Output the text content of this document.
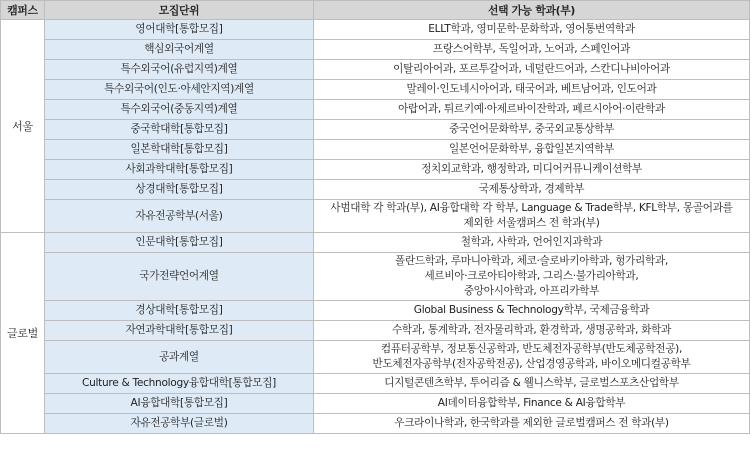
캠퍼스	모집단위	선택 가능 학과(부)
서울	영어대학[통합모집]	ELLT학과, 영미문학·문화학과, 영어통번역학과
	핵심외국어계열	프랑스어학부, 독일어과, 노어과, 스페인어과
	특수외국어(유럽지역)계열	이탈리아어과, 포르투갈어과, 네덜란드어과, 스칸디나비아어과
	특수외국어(인도·아세안지역)계열	말레이·인도네시아어과, 태국어과, 베트남어과, 인도어과
	특수외국어(중동지역)계열	아랍어과, 튀르키예·아제르바이잔학과, 페르시아어·이란학과
	중국학대학[통합모집]	중국언어문화학부, 중국외교통상학부
	일본학대학[통합모집]	일본언어문화학부, 융합일본지역학부
	사회과학대학[통합모집]	정치외교학과, 행정학과, 미디어커뮤니케이션학부
	상경대학[통합모집]	국제통상학과, 경제학부
	자유전공학부(서울)	사범대학 각 학과(부), AI융합대학 각 학부, Language & Trade학부, KFL학부, 몽골어과를
제외한 서울캠퍼스 전 학과(부)
글로벌	인문대학[통합모집]	철학과, 사학과, 언어인지과학과
	국가전략언어계열	폴란드학과, 루마니아학과, 체코·슬로바키아학과, 헝가리학과,
세르비아·크로아티아학과, 그리스·불가리아학과,
중앙아시아학과, 아프리카학부
	경상대학[통합모집]	Global Business & Technology학부, 국제금융학과
	자연과학대학[통합모집]	수학과, 통계학과, 전자물리학과, 환경학과, 생명공학과, 화학과
	공과계열	컴퓨터공학부, 정보통신공학과, 반도체전자공학부(반도체공학전공),
반도체전자공학부(전자공학전공), 산업경영공학과, 바이오메디컬공학부
	Culture & Technology융합대학[통합모집]	디지털콘텐츠학부, 투어리즘 & 웰니스학부, 글로벌스포츠산업학부
	AI융합대학[통합모집]	AI데이터융합학부, Finance & AI융합학부
	자유전공학부(글로벌)	우크라이나학과, 한국학과를 제외한 글로벌캠퍼스 전 학과(부)
